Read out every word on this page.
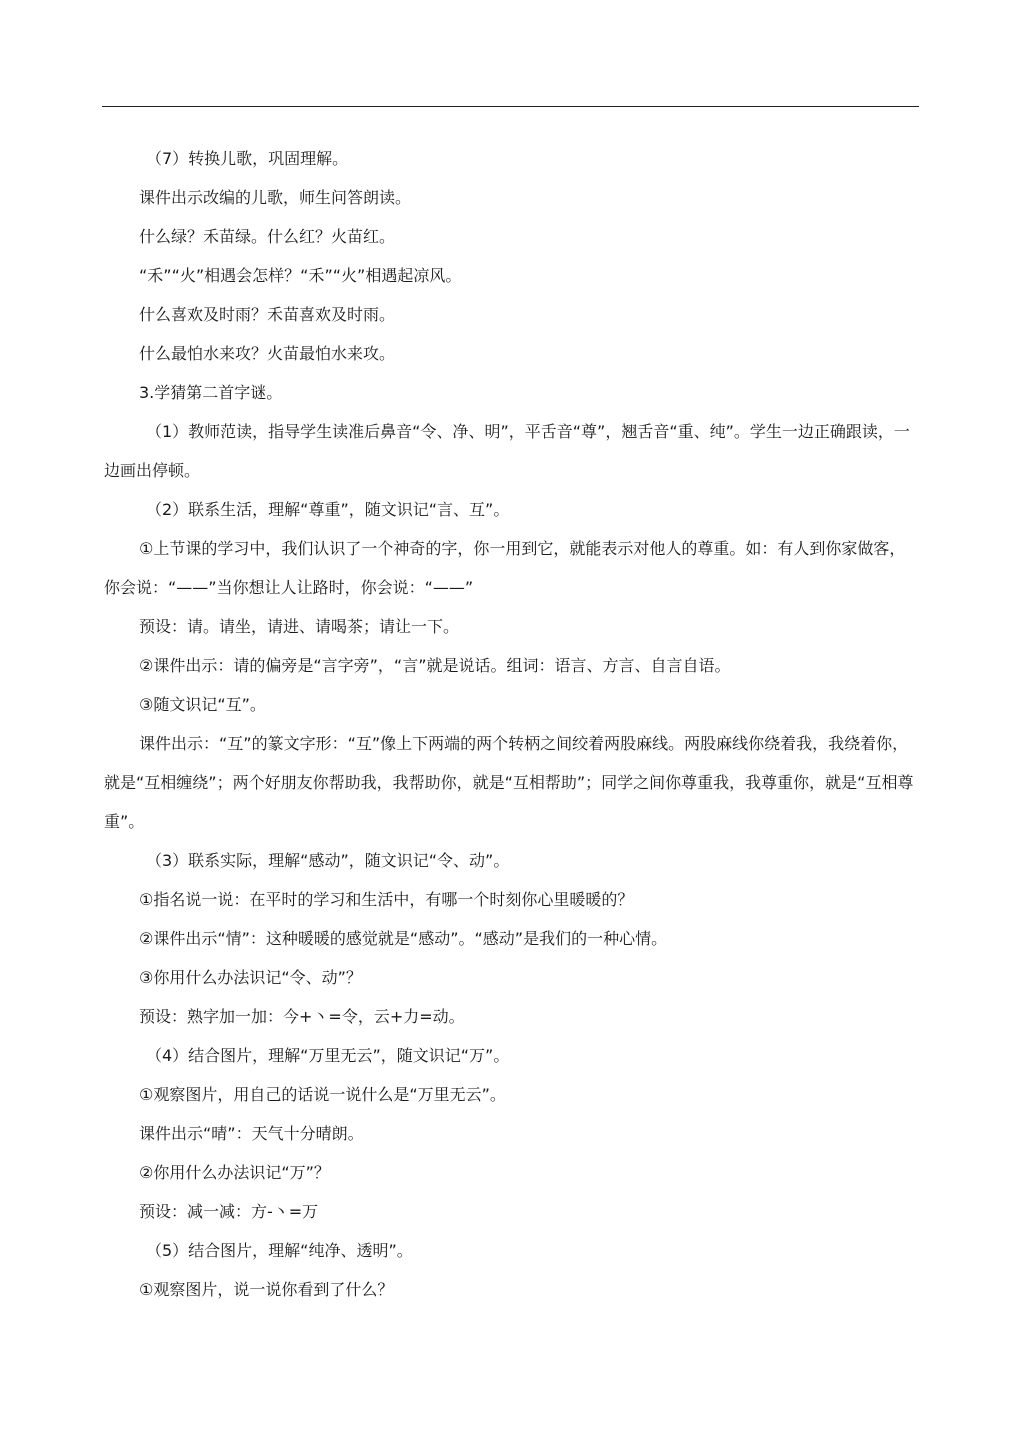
（7）转换儿歌，巩固理解。

课件出示改编的儿歌，师生问答朗读。

什么绿？禾苗绿。什么红？火苗红。

“禾”“火”相遇会怎样？“禾”“火”相遇起凉风。

什么喜欢及时雨？禾苗喜欢及时雨。

什么最怕水来攻？火苗最怕水来攻。

3.学猜第二首字谜。

（1）教师范读，指导学生读准后鼻音“令、净、明”，平舌音“尊”，翘舌音“重、纯”。学生一边正确跟读，一边画出停顿。

（2）联系生活，理解“尊重”，随文识记“言、互”。

①上节课的学习中，我们认识了一个神奇的字，你一用到它，就能表示对他人的尊重。如：有人到你家做客，你会说：“——”当你想让人让路时，你会说：“——”

预设：请。请坐，请进、请喝茶；请让一下。

②课件出示：请的偏旁是“言字旁”，“言”就是说话。组词：语言、方言、自言自语。

③随文识记“互”。

课件出示：“互”的篆文字形：“互”像上下两端的两个转柄之间绞着两股麻线。两股麻线你绕着我，我绕着你，就是“互相缠绕”；两个好朋友你帮助我，我帮助你，就是“互相帮助”；同学之间你尊重我，我尊重你，就是“互相尊重”。

（3）联系实际，理解“感动”，随文识记“令、动”。

①指名说一说：在平时的学习和生活中，有哪一个时刻你心里暖暖的？

②课件出示“情”：这种暖暖的感觉就是“感动”。“感动”是我们的一种心情。

③你用什么办法识记“令、动”？

预设：熟字加一加：今+丶=令，云+力=动。

（4）结合图片，理解“万里无云”，随文识记“万”。

①观察图片，用自己的话说一说什么是“万里无云”。

课件出示“晴”：天气十分晴朗。

②你用什么办法识记“万”？

预设：减一减：方-丶=万

（5）结合图片，理解“纯净、透明”。

①观察图片，说一说你看到了什么？
